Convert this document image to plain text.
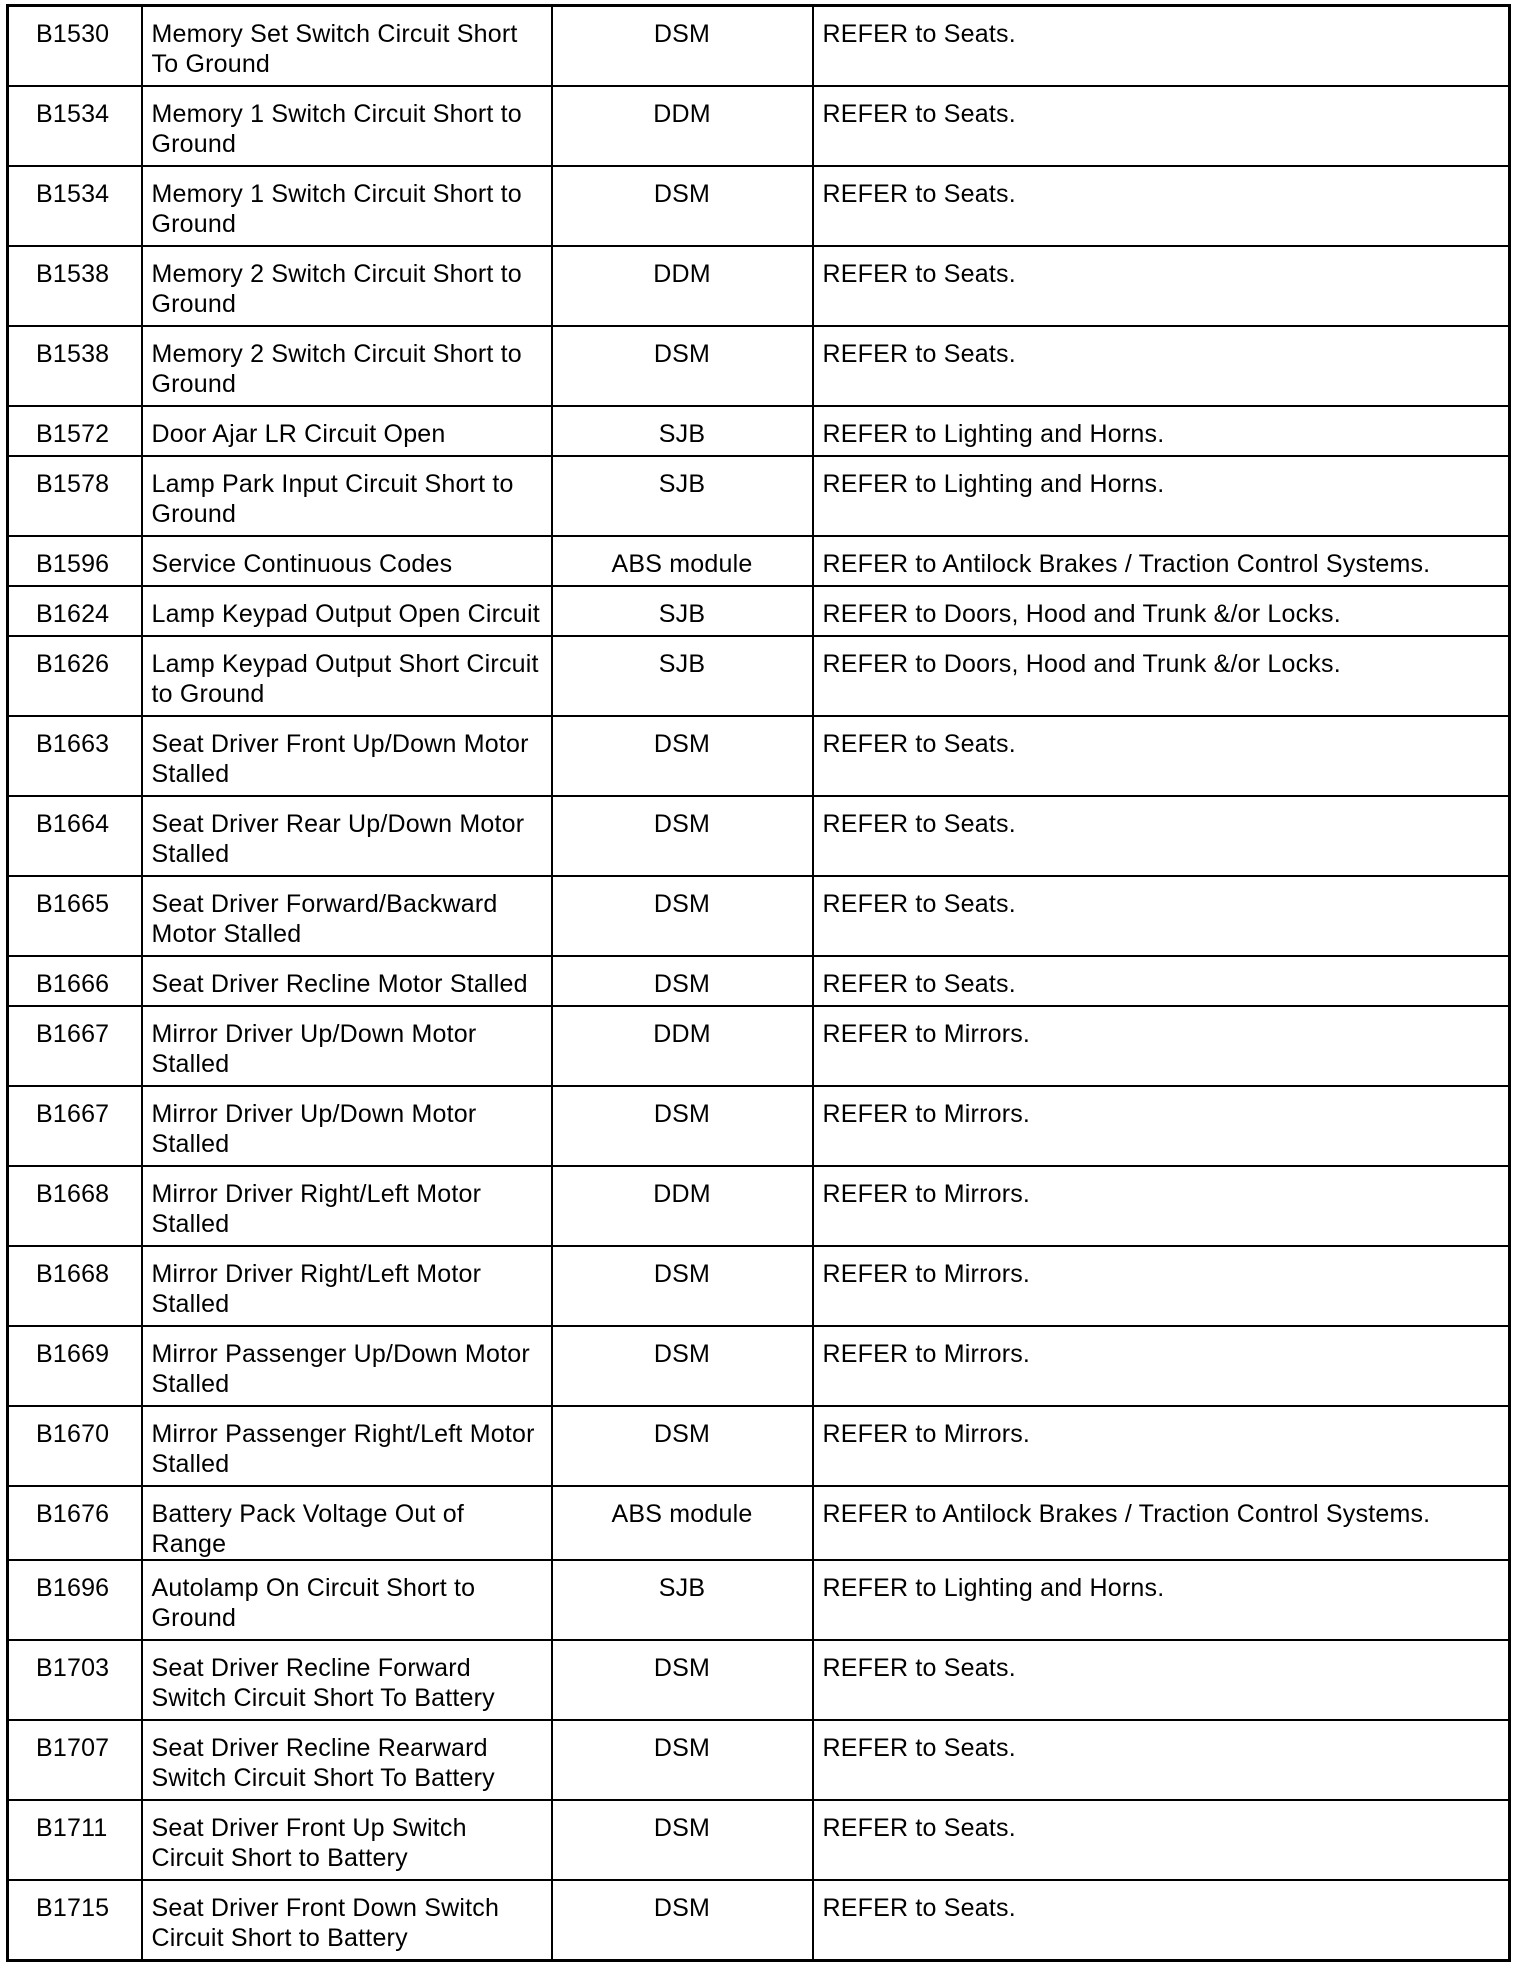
B1530	Memory Set Switch Circuit Short To Ground	DSM	REFER to Seats.
B1534	Memory 1 Switch Circuit Short to Ground	DDM	REFER to Seats.
B1534	Memory 1 Switch Circuit Short to Ground	DSM	REFER to Seats.
B1538	Memory 2 Switch Circuit Short to Ground	DDM	REFER to Seats.
B1538	Memory 2 Switch Circuit Short to Ground	DSM	REFER to Seats.
B1572	Door Ajar LR Circuit Open	SJB	REFER to Lighting and Horns.
B1578	Lamp Park Input Circuit Short to Ground	SJB	REFER to Lighting and Horns.
B1596	Service Continuous Codes	ABS module	REFER to Antilock Brakes / Traction Control Systems.
B1624	Lamp Keypad Output Open Circuit	SJB	REFER to Doors, Hood and Trunk &/or Locks.
B1626	Lamp Keypad Output Short Circuit to Ground	SJB	REFER to Doors, Hood and Trunk &/or Locks.
B1663	Seat Driver Front Up/Down Motor Stalled	DSM	REFER to Seats.
B1664	Seat Driver Rear Up/Down Motor Stalled	DSM	REFER to Seats.
B1665	Seat Driver Forward/Backward Motor Stalled	DSM	REFER to Seats.
B1666	Seat Driver Recline Motor Stalled	DSM	REFER to Seats.
B1667	Mirror Driver Up/Down Motor Stalled	DDM	REFER to Mirrors.
B1667	Mirror Driver Up/Down Motor Stalled	DSM	REFER to Mirrors.
B1668	Mirror Driver Right/Left Motor Stalled	DDM	REFER to Mirrors.
B1668	Mirror Driver Right/Left Motor Stalled	DSM	REFER to Mirrors.
B1669	Mirror Passenger Up/Down Motor Stalled	DSM	REFER to Mirrors.
B1670	Mirror Passenger Right/Left Motor Stalled	DSM	REFER to Mirrors.
B1676	Battery Pack Voltage Out of Range	ABS module	REFER to Antilock Brakes / Traction Control Systems.
B1696	Autolamp On Circuit Short to Ground	SJB	REFER to Lighting and Horns.
B1703	Seat Driver Recline Forward Switch Circuit Short To Battery	DSM	REFER to Seats.
B1707	Seat Driver Recline Rearward Switch Circuit Short To Battery	DSM	REFER to Seats.
B1711	Seat Driver Front Up Switch Circuit Short to Battery	DSM	REFER to Seats.
B1715	Seat Driver Front Down Switch Circuit Short to Battery	DSM	REFER to Seats.
